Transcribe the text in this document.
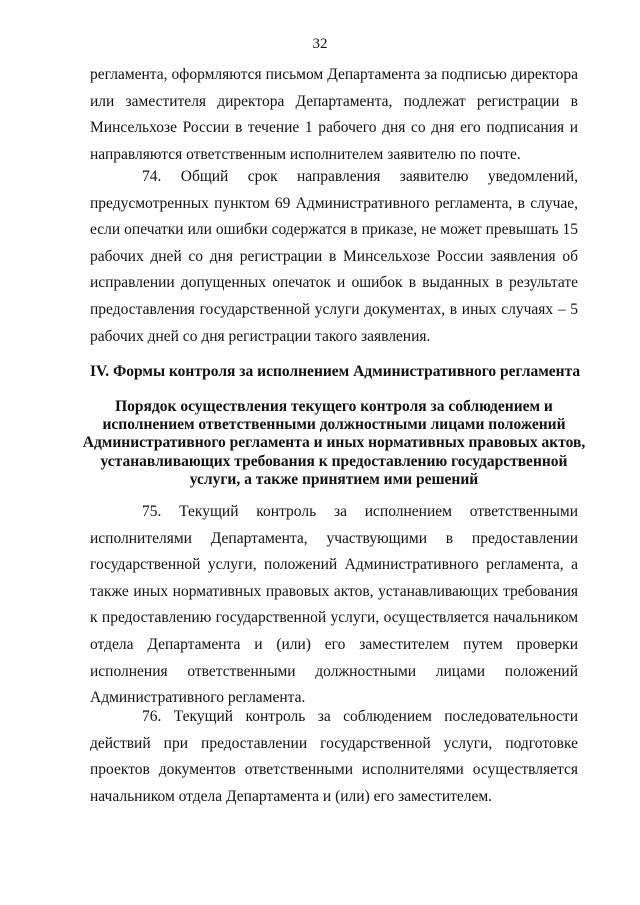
32

регламента, оформляются письмом Департамента за подписью директора или заместителя директора Департамента, подлежат регистрации в Минсельхозе России в течение 1 рабочего дня со дня его подписания и направляются ответственным исполнителем заявителю по почте.

74. Общий срок направления заявителю уведомлений, предусмотренных пунктом 69 Административного регламента, в случае, если опечатки или ошибки содержатся в приказе, не может превышать 15 рабочих дней со дня регистрации в Минсельхозе России заявления об исправлении допущенных опечаток и ошибок в выданных в результате предоставления государственной услуги документах, в иных случаях – 5 рабочих дней со дня регистрации такого заявления.

IV. Формы контроля за исполнением Административного регламента
Порядок осуществления текущего контроля за соблюдением и исполнением ответственными должностными лицами положений Административного регламента и иных нормативных правовых актов, устанавливающих требования к предоставлению государственной услуги, а также принятием ими решений

75. Текущий контроль за исполнением ответственными исполнителями Департамента, участвующими в предоставлении государственной услуги, положений Административного регламента, а также иных нормативных правовых актов, устанавливающих требования к предоставлению государственной услуги, осуществляется начальником отдела Департамента и (или) его заместителем путем проверки исполнения ответственными должностными лицами положений Административного регламента.

76. Текущий контроль за соблюдением последовательности действий при предоставлении государственной услуги, подготовке проектов документов ответственными исполнителями осуществляется начальником отдела Департамента и (или) его заместителем.
